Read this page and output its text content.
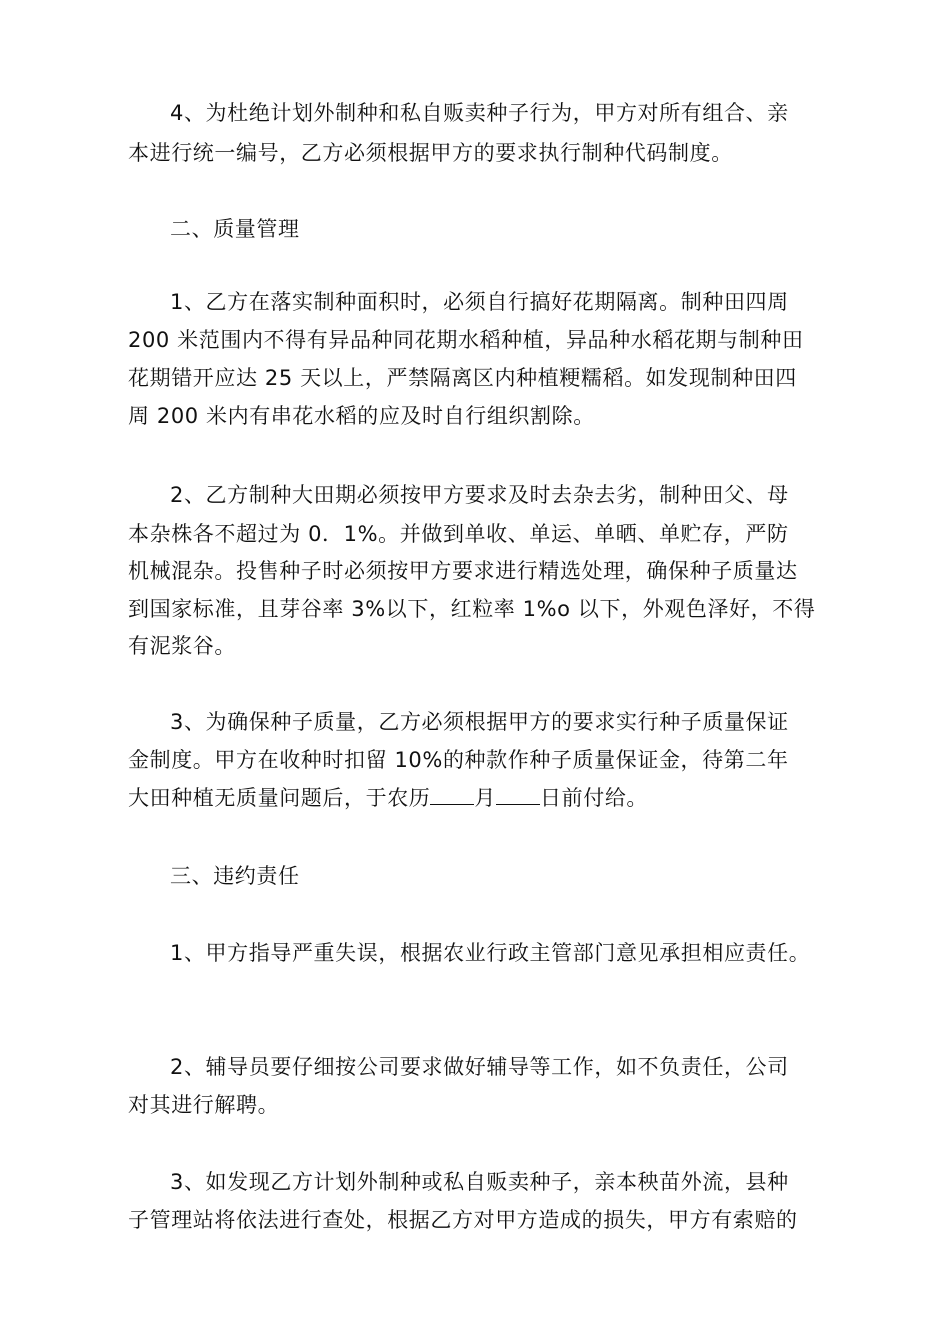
4、为杜绝计划外制种和私自贩卖种子行为，甲方对所有组合、亲
本进行统一编号，乙方必须根据甲方的要求执行制种代码制度。
二、质量管理
1、乙方在落实制种面积时，必须自行搞好花期隔离。制种田四周
200 米范围内不得有异品种同花期水稻种植，异品种水稻花期与制种田
花期错开应达 25 天以上，严禁隔离区内种植粳糯稻。如发现制种田四
周 200 米内有串花水稻的应及时自行组织割除。
2、乙方制种大田期必须按甲方要求及时去杂去劣，制种田父、母
本杂株各不超过为 0．1%。并做到单收、单运、单晒、单贮存，严防
机械混杂。投售种子时必须按甲方要求进行精选处理，确保种子质量达
到国家标准，且芽谷率 3%以下，红粒率 1%o 以下，外观色泽好，不得
有泥浆谷。
3、为确保种子质量，乙方必须根据甲方的要求实行种子质量保证
金制度。甲方在收种时扣留 10%的种款作种子质量保证金，待第二年
大田种植无质量问题后，于农历 月 日前付给。
三、违约责任
1、甲方指导严重失误，根据农业行政主管部门意见承担相应责任。
2、辅导员要仔细按公司要求做好辅导等工作，如不负责任，公司
对其进行解聘。
3、如发现乙方计划外制种或私自贩卖种子，亲本秧苗外流，县种
子管理站将依法进行查处，根据乙方对甲方造成的损失，甲方有索赔的
